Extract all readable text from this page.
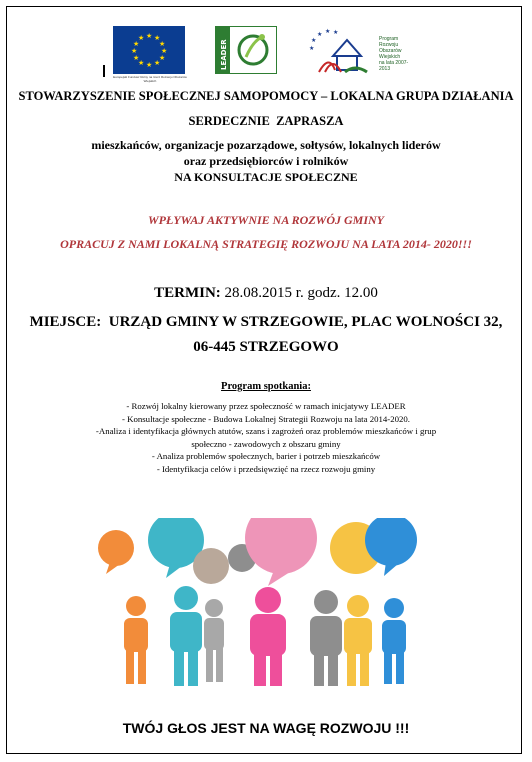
★ ★
★
★
★
★
★
★
★
★
★
★
Europejski Fundusz Rolny na rzecz Rozwoju Obszarów Wiejskich
LEADER	★
★ ★ ★
★
Program
Rozwoju
Obszarów
Wiejskich
na lata 2007-2013
STOWARZYSZENIE SPOŁECZNEJ SAMOPOMOCY – LOKALNA GRUPA DZIAŁANIA
SERDECZNIE  ZAPRASZA
mieszkańców, organizacje pozarządowe, sołtysów, lokalnych liderów
oraz przedsiębiorców i rolników
NA KONSULTACJE SPOŁECZNE
WPŁYWAJ AKTYWNIE NA ROZWÓJ GMINY
OPRACUJ Z NAMI LOKALNĄ STRATEGIĘ ROZWOJU NA LATA 2014- 2020!!!
TERMIN: 28.08.2015 r. godz. 12.00
MIEJSCE:  URZĄD GMINY W STRZEGOWIE, PLAC WOLNOŚCI 32,
06-445 STRZEGOWO
Program spotkania:
- Rozwój lokalny kierowany przez społeczność w ramach inicjatywy LEADER
- Konsultacje społeczne - Budowa Lokalnej Strategii Rozwoju na lata 2014-2020.
-Analiza i identyfikacja głównych atutów, szans i zagrożeń oraz problemów mieszkańców i grup
społeczno - zawodowych z obszaru gminy
- Analiza problemów społecznych, barier i potrzeb mieszkańców
- Identyfikacja celów i przedsięwzięć na rzecz rozwoju gminy
TWÓJ GŁOS JEST NA WAGĘ ROZWOJU !!!
